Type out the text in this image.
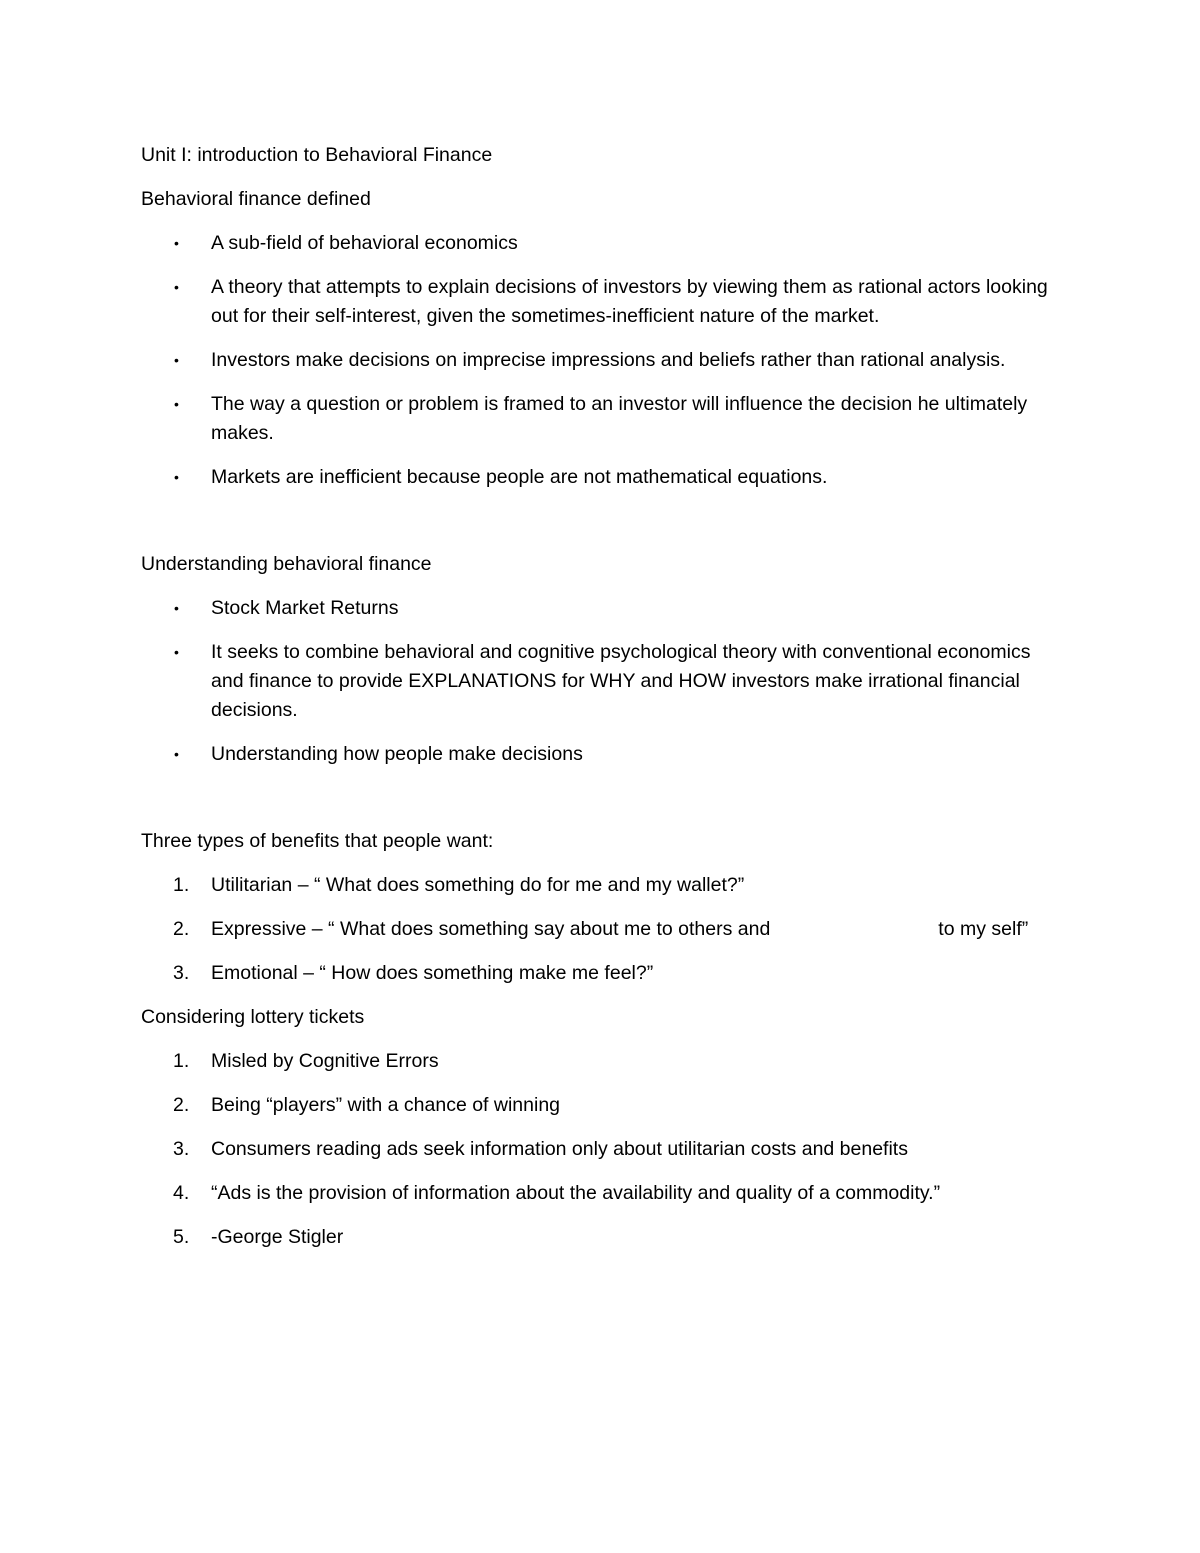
Unit I: introduction to Behavioral Finance

Behavioral finance defined

•	A sub-field of behavioral economics
•	A theory that attempts to explain decisions of investors by viewing them as rational actors looking out for their self-interest, given the sometimes-inefficient nature of the market.
•	Investors make decisions on imprecise impressions and beliefs rather than rational analysis.
•	The way a question or problem is framed to an investor will influence the decision he ultimately makes.
•	Markets are inefficient because people are not mathematical equations.

Understanding behavioral finance

•	Stock Market Returns
•	It seeks to combine behavioral and cognitive psychological theory with conventional economics and finance to provide EXPLANATIONS for WHY and HOW investors make irrational financial decisions.
•	Understanding how people make decisions

Three types of benefits that people want:

1.	Utilitarian – “ What does something do for me and my wallet?”
2.	Expressive – “ What does something say about me to others and	to my self”
3.	Emotional – “ How does something make me feel?”

Considering lottery tickets

1.	Misled by Cognitive Errors
2.	Being “players” with a chance of winning
3.	Consumers reading ads seek information only about utilitarian costs and benefits
4.	“Ads is the provision of information about the availability and quality of a commodity.”
5.	-George Stigler
